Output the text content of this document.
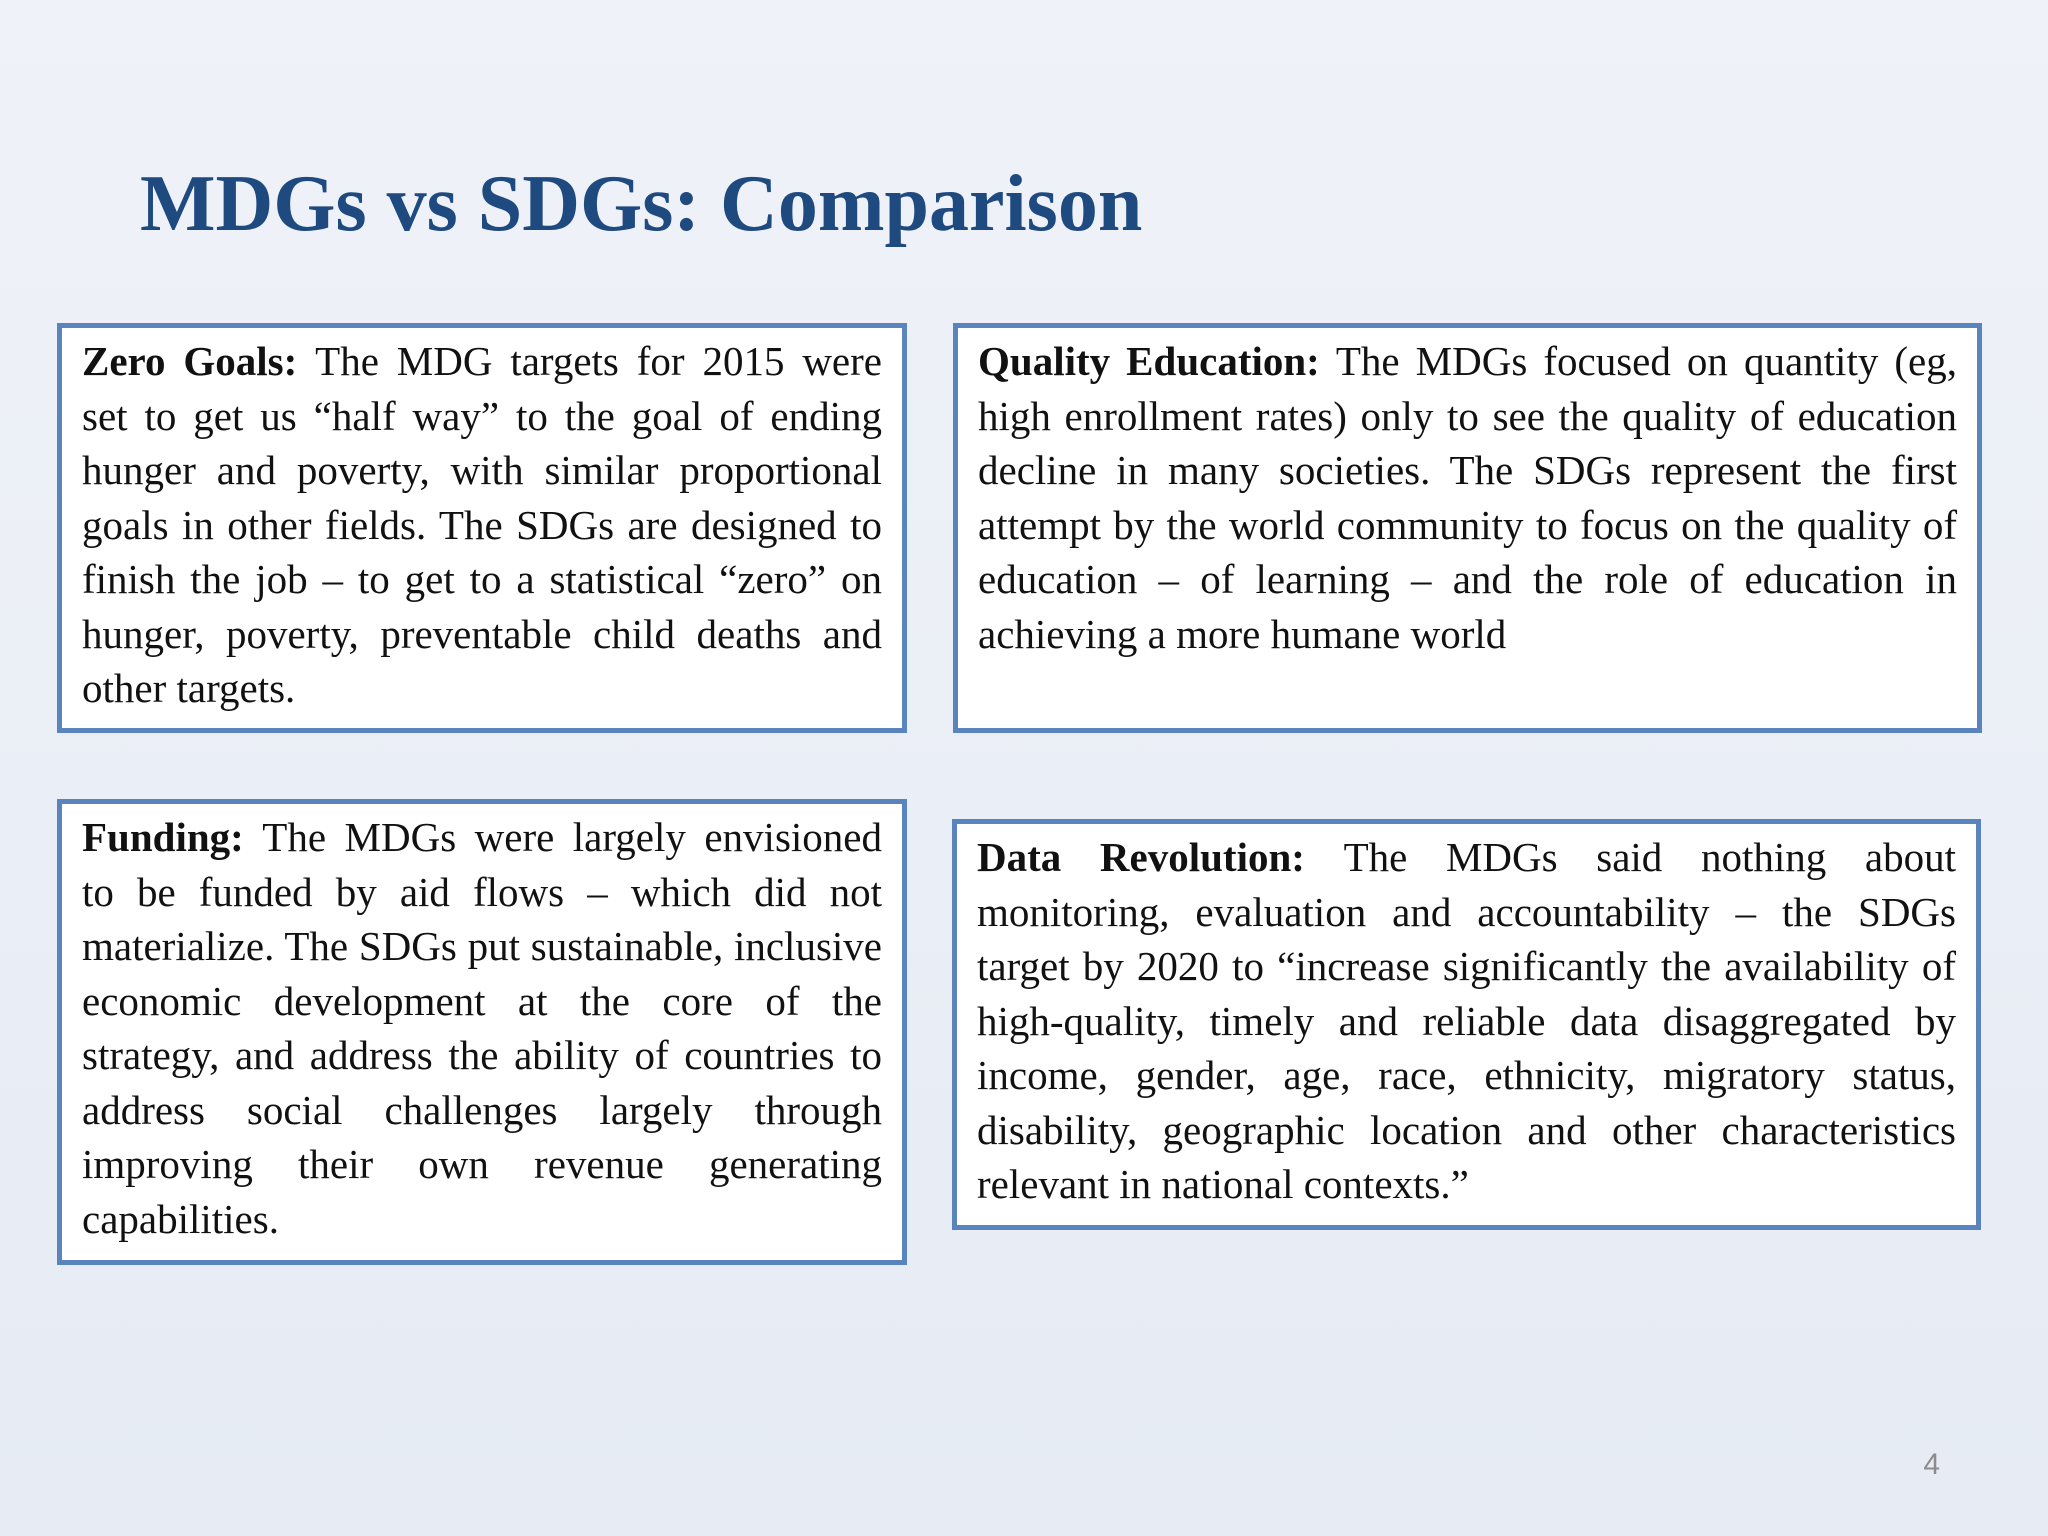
MDGs vs SDGs: Comparison
Zero Goals: The MDG targets for 2015 were set to get us “half way” to the goal of ending hunger and poverty, with similar proportional goals in other fields. The SDGs are designed to finish the job – to get to a statistical “zero” on hunger, poverty, preventable child deaths and other targets.
Quality Education: The MDGs focused on quantity (eg, high enrollment rates) only to see the quality of education decline in many societies. The SDGs represent the first attempt by the world community to focus on the quality of education – of learning – and the role of education in achieving a more humane world
Funding: The MDGs were largely envisioned to be funded by aid flows – which did not materialize. The SDGs put sustainable, inclusive economic development at the core of the strategy, and address the ability of countries to address social challenges largely through improving their own revenue generating capabilities.
Data Revolution: The MDGs said nothing about monitoring, evaluation and accountability – the SDGs target by 2020 to “increase significantly the availability of high-quality, timely and reliable data disaggregated by income, gender, age, race, ethnicity, migratory status, disability, geographic location and other characteristics relevant in national contexts.”
4
